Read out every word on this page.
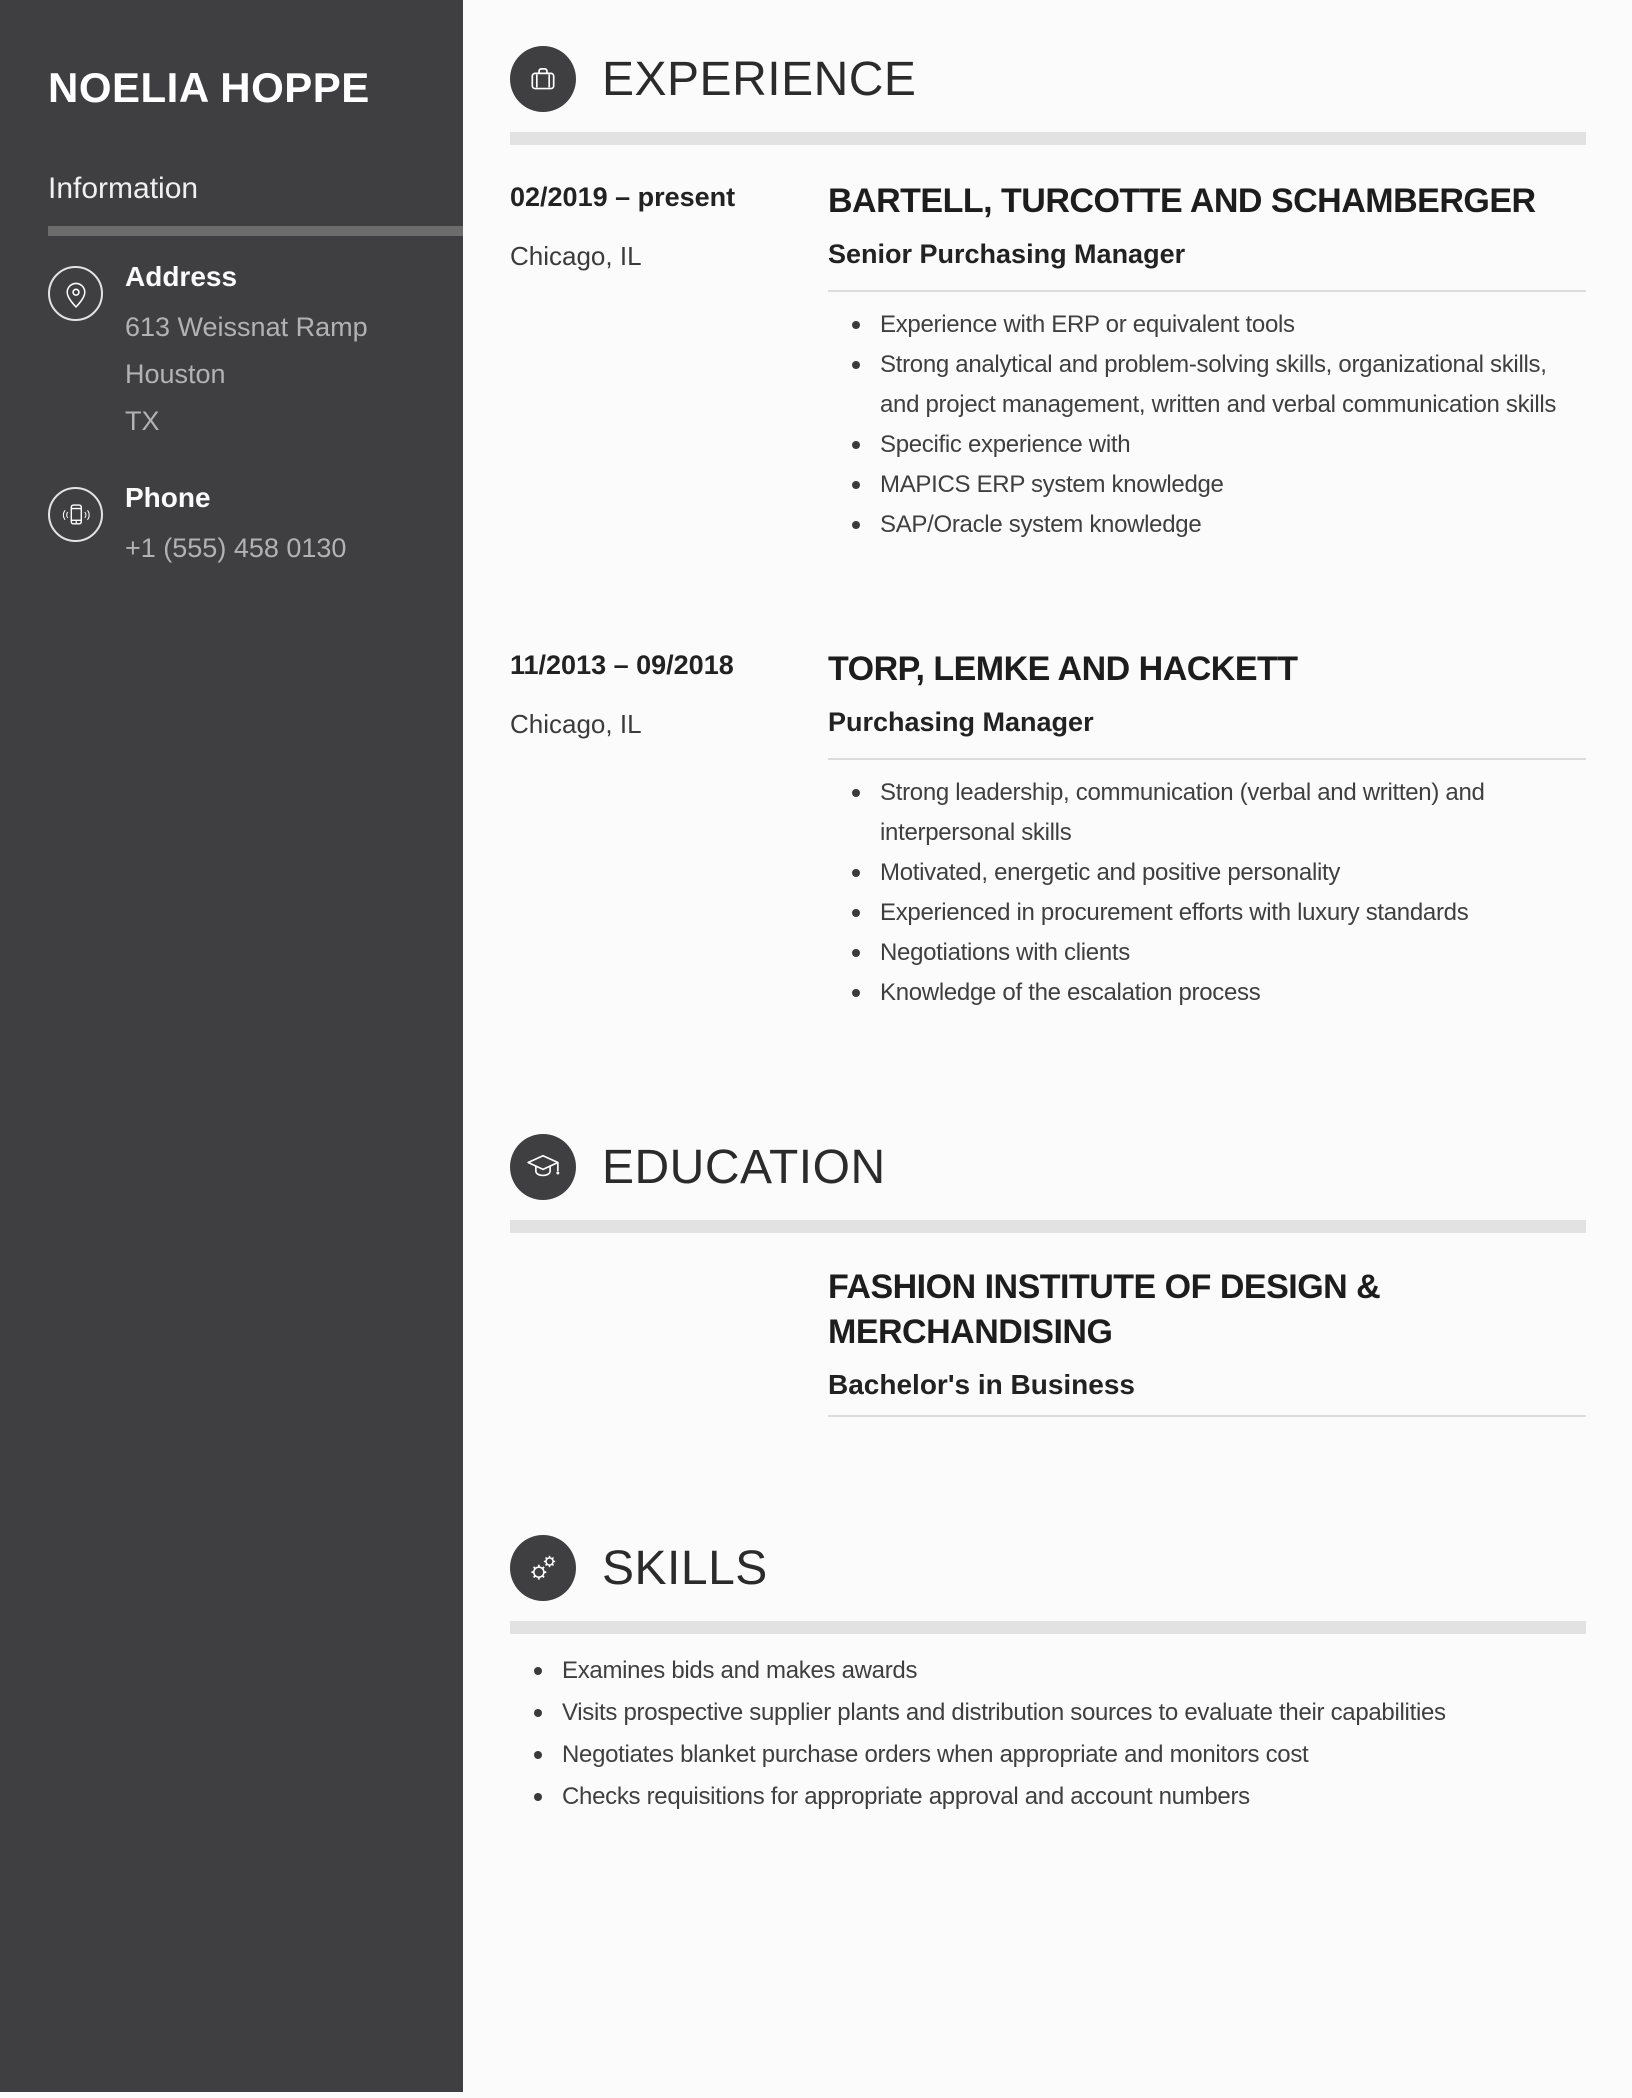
NOELIA HOPPE
Information
Address
613 Weissnat Ramp
Houston
TX
Phone
+1 (555) 458 0130
EXPERIENCE
02/2019 – present
Chicago, IL
BARTELL, TURCOTTE AND SCHAMBERGER
Senior Purchasing Manager
Experience with ERP or equivalent tools
Strong analytical and problem-solving skills, organizational skills, and project management, written and verbal communication skills
Specific experience with
MAPICS ERP system knowledge
SAP/Oracle system knowledge
11/2013 – 09/2018
Chicago, IL
TORP, LEMKE AND HACKETT
Purchasing Manager
Strong leadership, communication (verbal and written) and interpersonal skills
Motivated, energetic and positive personality
Experienced in procurement efforts with luxury standards
Negotiations with clients
Knowledge of the escalation process
EDUCATION
FASHION INSTITUTE OF DESIGN & MERCHANDISING
Bachelor's in Business
SKILLS
Examines bids and makes awards
Visits prospective supplier plants and distribution sources to evaluate their capabilities
Negotiates blanket purchase orders when appropriate and monitors cost
Checks requisitions for appropriate approval and account numbers
